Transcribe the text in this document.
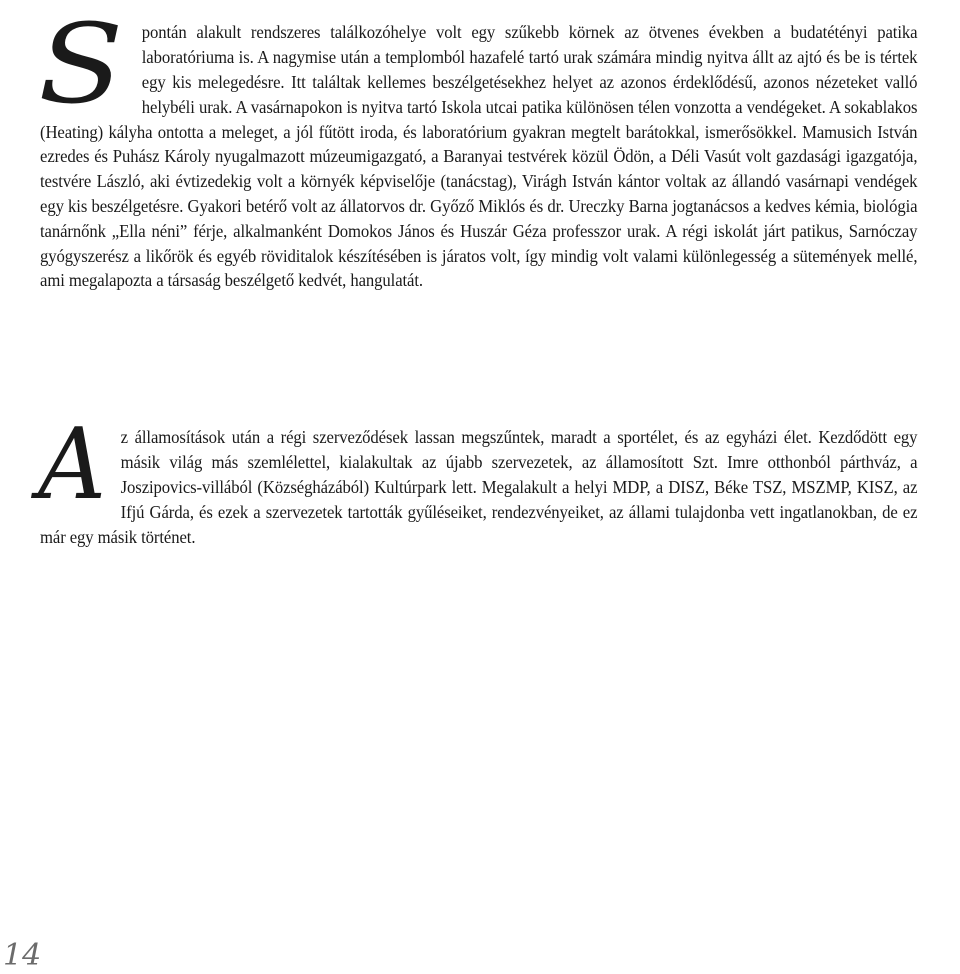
S	pontán alakult rendszeres találkozóhelye volt egy szűkebb körnek az ötvenes években a budatétényi patika laboratóriuma is. A nagymise után a templomból hazafelé tartó urak számára mindig nyitva állt az ajtó és be is tértek egy kis melegedésre. Itt találtak kellemes beszélgetésekhez helyet az azonos érdeklődésű, azonos nézeteket valló helybéli urak. A vasárnapokon is nyitva tartó Iskola utcai patika különösen télen vonzotta a vendégeket. A sokablakos (Heating) kályha ontotta a meleget, a jól fűtött iroda, és laboratórium gyakran megtelt barátokkal, ismerősökkel. Mamusich István ezredes és Puhász Károly nyugalmazott múzeumigazgató, a Baranyai testvérek közül Ödön, a Déli Vasút volt gazdasági igazgatója, testvére László, aki évtizedekig volt a környék képviselője (tanácstag), Virágh István kántor voltak az állandó vasárnapi vendégek egy kis beszélgetésre. Gyakori betérő volt az állatorvos dr. Győző Miklós és dr. Ureczky Barna jogtanácsos a kedves kémia, biológia tanárnőnk „Ella néni” férje, alkalmanként Domokos János és Huszár Géza professzor urak. A régi iskolát járt patikus, Sarnóczay gyógyszerész a likőrök és egyéb röviditalok készítésében is járatos volt, így mindig volt valami különlegesség a sütemények mellé, ami megalapozta a társaság beszélgető kedvét, hangulatát.

Az államosítások után a régi szerveződések lassan megszűntek, maradt a sportélet, és az egyházi élet. Kezdődött egy másik világ más szemlélettel, kialakultak az újabb szervezetek, az államosított Szt. Imre otthonból párthváz, a Joszipovics-villából (Községházából) Kultúrpark lett. Megalakult a helyi MDP, a DISZ, Béke TSZ, MSZMP, KISZ, az Ifjú Gárda, és ezek a szervezetek tartották gyűléseiket, rendezvényeiket, az állami tulajdonba vett ingatlanokban, de ez már egy másik történet.

14
